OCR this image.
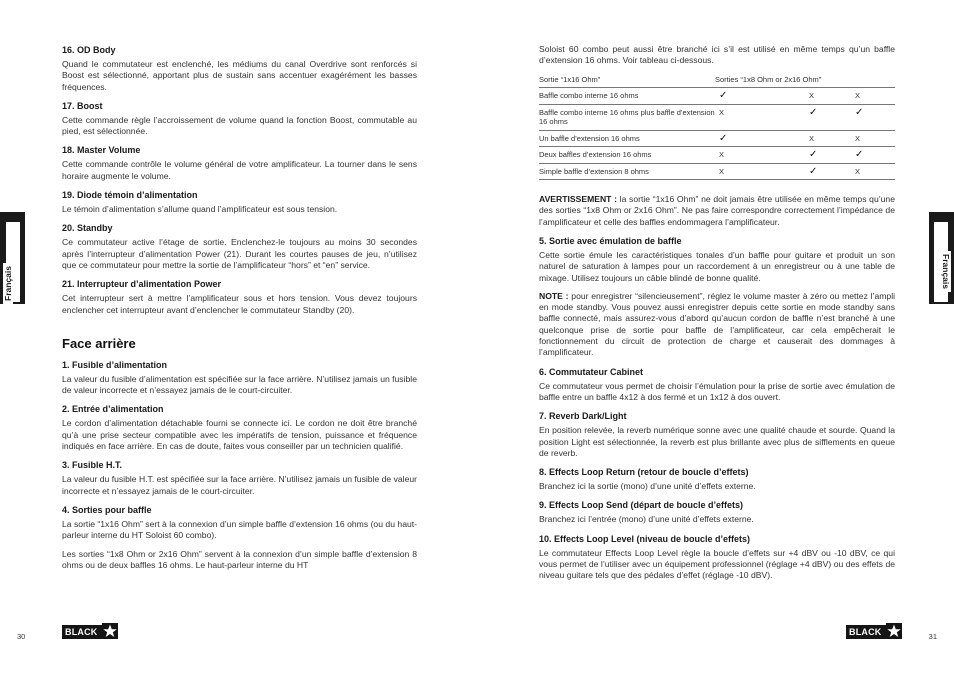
Français
16. OD Body

Quand le commutateur est enclenché, les médiums du canal Overdrive sont renforcés si Boost est sélectionné, apportant plus de sustain sans accentuer exagérément les basses fréquences.

17. Boost

Cette commande règle l’accroissement de volume quand la fonction Boost, commutable au pied, est sélectionnée.

18. Master Volume

Cette commande contrôle le volume général de votre amplificateur. La tourner dans le sens horaire augmente le volume.

19. Diode témoin d’alimentation

Le témoin d’alimentation s’allume quand l’amplificateur est sous tension.

20. Standby

Ce commutateur active l’étage de sortie. Enclenchez-le toujours au moins 30 secondes après l’interrupteur d’alimentation Power (21). Durant les courtes pauses de jeu, n’utilisez que ce commutateur pour mettre la sortie de l’amplificateur “hors” et “en” service.

21. Interrupteur d’alimentation Power

Cet interrupteur sert à mettre l’amplificateur sous et hors tension. Vous devez toujours enclencher cet interrupteur avant d’enclencher le commutateur Standby (20).

Face arrière
1. Fusible d’alimentation

La valeur du fusible d’alimentation est spécifiée sur la face arrière. N’utilisez jamais un fusible de valeur incorrecte et n’essayez jamais de le court-circuiter.

2. Entrée d’alimentation

Le cordon d’alimentation détachable fourni se connecte ici. Le cordon ne doit être branché qu’à une prise secteur compatible avec les impératifs de tension, puissance et fréquence indiqués en face arrière. En cas de doute, faites vous conseiller par un technicien qualifié.

3. Fusible H.T.

La valeur du fusible H.T. est spécifiée sur la face arrière. N’utilisez jamais un fusible de valeur incorrecte et n’essayez jamais de le court-circuiter.

4. Sorties pour baffle

La sortie “1x16 Ohm” sert à la connexion d’un simple baffle d’extension 16 ohms (ou du haut-parleur interne du HT Soloist 60 combo).

Les sorties “1x8 Ohm or 2x16 Ohm” servent à la connexion d’un simple baffle d’extension 8 ohms ou de deux baffles 16 ohms. Le haut-parleur interne du HT

30	BLACK
Français

Soloist 60 combo peut aussi être branché ici s’il est utilisé en même temps qu’un baffle d’extension 16 ohms. Voir tableau ci-dessous.

Sortie “1x16 Ohm”	Sorties “1x8 Ohm or 2x16 Ohm”		
Baffle combo interne 16 ohms	✓	X	X
Baffle combo interne 16 ohms plus baffle d’extension 16 ohms	X	✓	✓
Un baffle d’extension 16 ohms	✓	X	X
Deux baffles d’extension 16 ohms	X	✓	✓
Simple baffle d’extension 8 ohms	X	✓	X

AVERTISSEMENT : la sortie “1x16 Ohm” ne doit jamais être utilisée en même temps qu’une des sorties “1x8 Ohm or 2x16 Ohm”. Ne pas faire correspondre correctement l’impédance de l’amplificateur et celle des baffles endommagera l’amplificateur.

5. Sortie avec émulation de baffle

Cette sortie émule les caractéristiques tonales d’un baffle pour guitare et produit un son naturel de saturation à lampes pour un raccordement à un enregistreur ou à une table de mixage. Utilisez toujours un câble blindé de bonne qualité.

NOTE : pour enregistrer “silencieusement”, réglez le volume master à zéro ou mettez l’ampli en mode standby. Vous pouvez aussi enregistrer depuis cette sortie en mode standby sans baffle connecté, mais assurez-vous d’abord qu’aucun cordon de baffle n’est branché à une quelconque prise de sortie pour baffle de l’amplificateur, car cela empêcherait le fonctionnement du circuit de protection de charge et causerait des dommages à l’amplificateur.

6. Commutateur Cabinet

Ce commutateur vous permet de choisir l’émulation pour la prise de sortie avec émulation de baffle entre un baffle 4x12 à dos fermé et un 1x12 à dos ouvert.

7. Reverb Dark/Light

En position relevée, la reverb numérique sonne avec une qualité chaude et sourde. Quand la position Light est sélectionnée, la reverb est plus brillante avec plus de sifflements en queue de reverb.

8. Effects Loop Return (retour de boucle d’effets)

Branchez ici la sortie (mono) d’une unité d’effets externe.

9. Effects Loop Send (départ de boucle d’effets)

Branchez ici l’entrée (mono) d’une unité d’effets externe.

10. Effects Loop Level (niveau de boucle d’effets)

Le commutateur Effects Loop Level règle la boucle d’effets sur +4 dBV ou -10 dBV, ce qui vous permet de l’utiliser avec un équipement professionnel (réglage +4 dBV) ou des effets de niveau guitare tels que des pédales d’effet (réglage -10 dBV).

31
BLACK
